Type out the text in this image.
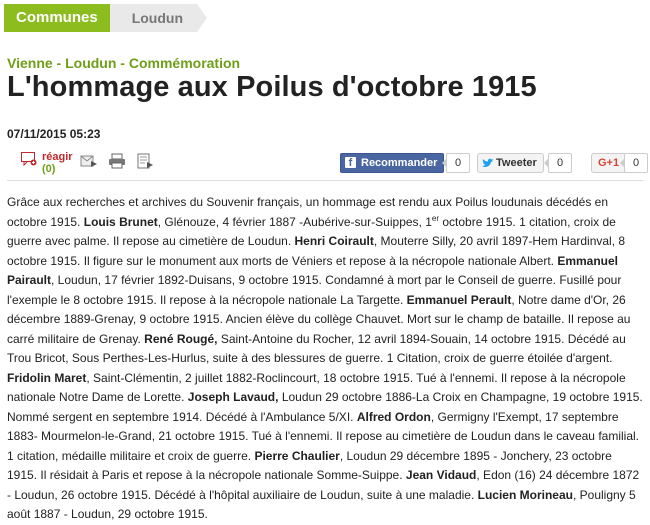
Communes	Loudun
Vienne - Loudun - Commémoration
L'hommage aux Poilus d'octobre 1915
07/11/2015 05:23
réagir
(0)	f Recommander	0	Tweeter	0	G+1	0

Grâce aux recherches et archives du Souvenir français, un hommage est rendu aux Poilus loudunais décédés en octobre 1915. Louis Brunet, Glénouze, 4 février 1887 -Aubérive-sur-Suippes, 1er octobre 1915. 1 citation, croix de guerre avec palme. Il repose au cimetière de Loudun. Henri Coirault, Mouterre Silly, 20 avril 1897-Hem Hardinval, 8 octobre 1915. Il figure sur le monument aux morts de Véniers et repose à la nécropole nationale Albert. Emmanuel Pairault, Loudun, 17 février 1892-Duisans, 9 octobre 1915. Condamné à mort par le Conseil de guerre. Fusillé pour l'exemple le 8 octobre 1915. Il repose à la nécropole nationale La Targette. Emmanuel Perault, Notre dame d'Or, 26 décembre 1889-Grenay, 9 octobre 1915. Ancien élève du collège Chauvet. Mort sur le champ de bataille. Il repose au carré militaire de Grenay. René Rougé, Saint-Antoine du Rocher, 12 avril 1894-Souain, 14 octobre 1915. Décédé au Trou Bricot, Sous Perthes-Les-Hurlus, suite à des blessures de guerre. 1 Citation, croix de guerre étoilée d'argent. Fridolin Maret, Saint-Clémentin, 2 juillet 1882-Roclincourt, 18 octobre 1915. Tué à l'ennemi. Il repose à la nécropole nationale Notre Dame de Lorette. Joseph Lavaud, Loudun 29 octobre 1886-La Croix en Champagne, 19 octobre 1915. Nommé sergent en septembre 1914. Décédé à l'Ambulance 5/XI. Alfred Ordon, Germigny l'Exempt, 17 septembre 1883- Mourmelon-le-Grand, 21 octobre 1915. Tué à l'ennemi. Il repose au cimetière de Loudun dans le caveau familial. 1 citation, médaille militaire et croix de guerre. Pierre Chaulier, Loudun 29 décembre 1895 - Jonchery, 23 octobre 1915. Il résidait à Paris et repose à la nécropole nationale Somme-Suippe. Jean Vidaud, Edon (16) 24 décembre 1872 - Loudun, 26 octobre 1915. Décédé à l'hôpital auxiliaire de Loudun, suite à une maladie. Lucien Morineau, Pouligny 5 août 1887 - Loudun, 29 octobre 1915.
